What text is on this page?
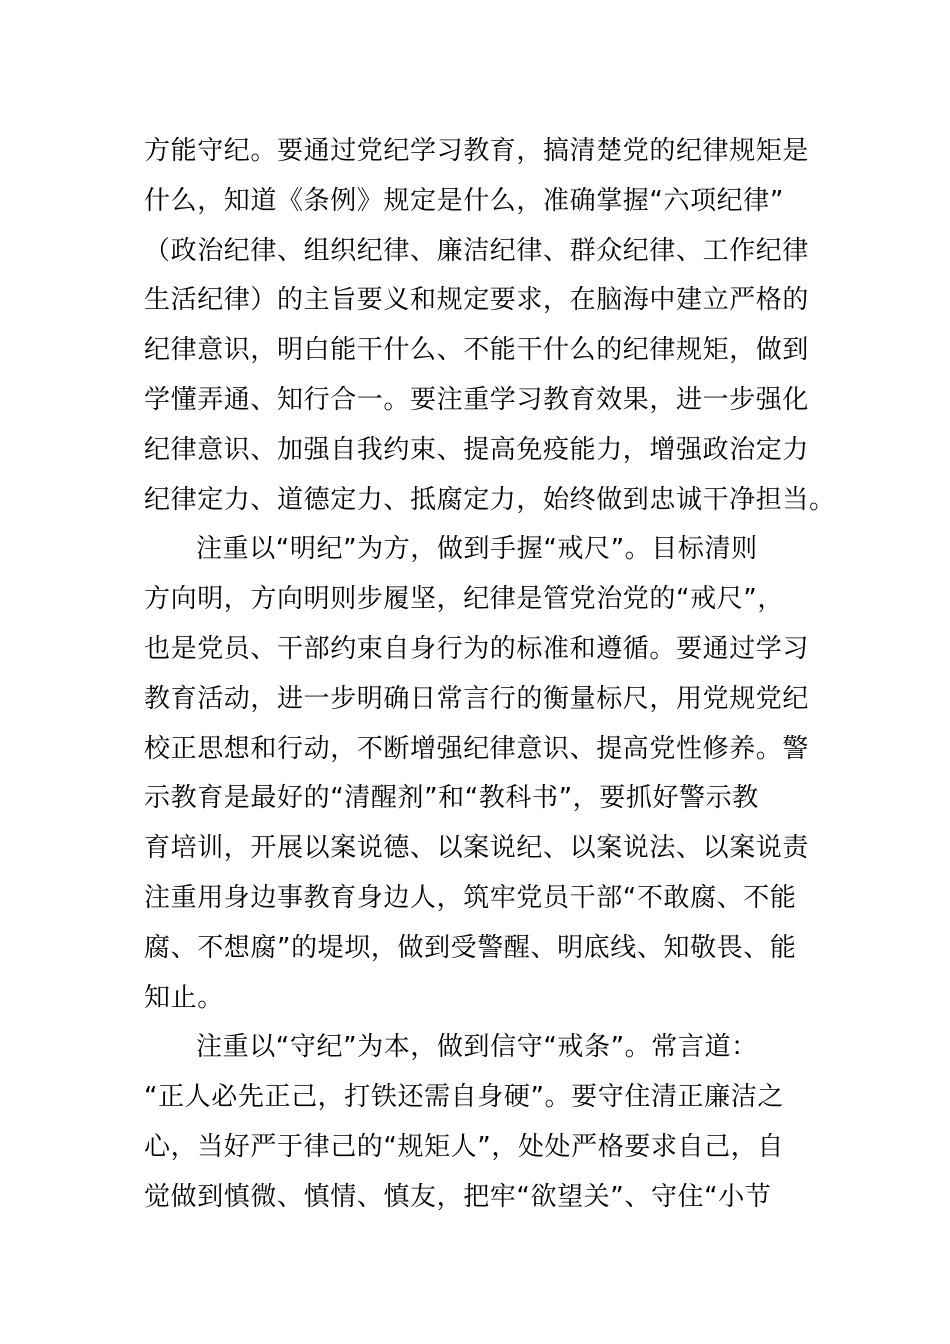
方能守纪。要通过党纪学习教育，搞清楚党的纪律规矩是
什么，知道《条例》规定是什么，准确掌握“六项纪律”
（政治纪律、组织纪律、廉洁纪律、群众纪律、工作纪律
生活纪律）的主旨要义和规定要求，在脑海中建立严格的
纪律意识，明白能干什么、不能干什么的纪律规矩，做到
学懂弄通、知行合一。要注重学习教育效果，进一步强化
纪律意识、加强自我约束、提高免疫能力，增强政治定力
纪律定力、道德定力、抵腐定力，始终做到忠诚干净担当。
注重以“明纪”为方，做到手握“戒尺”。目标清则
方向明，方向明则步履坚，纪律是管党治党的“戒尺”，
也是党员、干部约束自身行为的标准和遵循。要通过学习
教育活动，进一步明确日常言行的衡量标尺，用党规党纪
校正思想和行动，不断增强纪律意识、提高党性修养。警
示教育是最好的“清醒剂”和“教科书”，要抓好警示教
育培训，开展以案说德、以案说纪、以案说法、以案说责
注重用身边事教育身边人，筑牢党员干部“不敢腐、不能
腐、不想腐”的堤坝，做到受警醒、明底线、知敬畏、能
知止。
注重以“守纪”为本，做到信守“戒条”。常言道：
“正人必先正己，打铁还需自身硬”。要守住清正廉洁之
心，当好严于律己的“规矩人”，处处严格要求自己，自
觉做到慎微、慎情、慎友，把牢“欲望关”、守住“小节
